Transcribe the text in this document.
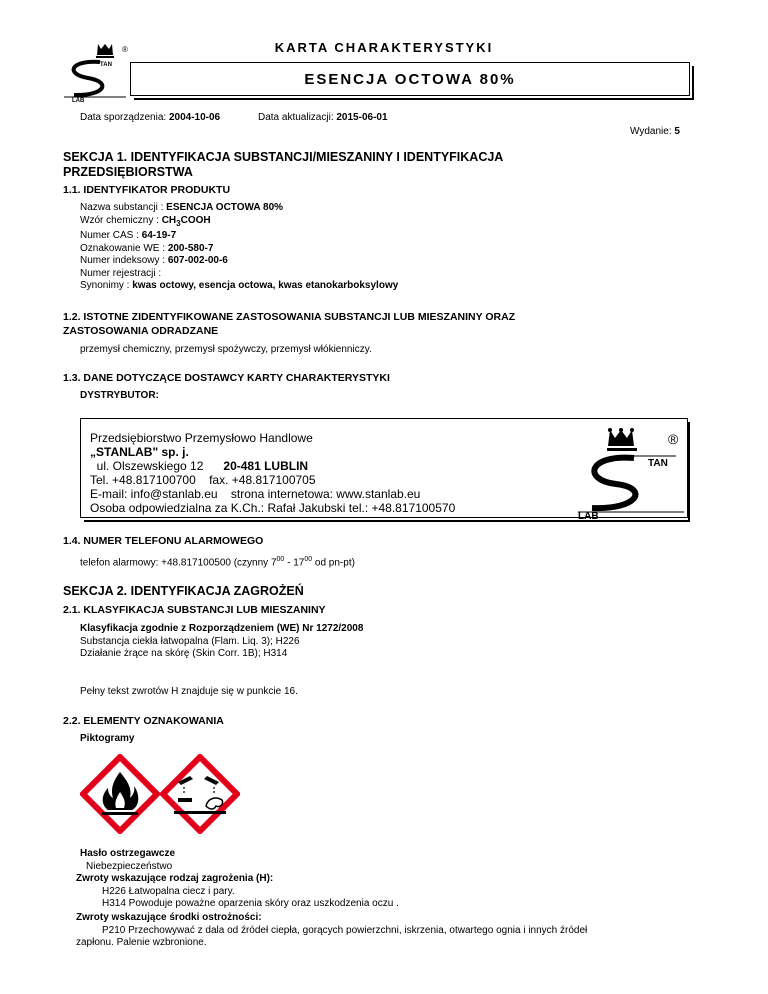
TAN
LAB
®	KARTA CHARAKTERYSTYKI
ESENCJA OCTOWA 80%
Data sporządzenia: 2004-10-06	Data aktualizacji: 2015-06-01
Wydanie: 5
SEKCJA 1. IDENTYFIKACJA SUBSTANCJI/MIESZANINY I IDENTYFIKACJA
PRZEDSIĘBIORSTWA
1.1. IDENTYFIKATOR PRODUKTU
Nazwa substancji : ESENCJA OCTOWA 80%
Wzór chemiczny : $CH_3COOH$
Numer CAS : 64-19-7
Oznakowanie WE : 200-580-7
Numer indeksowy : 607-002-00-6
Numer rejestracji :
Synonimy : kwas octowy, esencja octowa, kwas etanokarboksylowy
1.2. ISTOTNE ZIDENTYFIKOWANE ZASTOSOWANIA SUBSTANCJI LUB MIESZANINY ORAZ
ZASTOSOWANIA ODRADZANE
przemysł chemiczny, przemysł spożywczy, przemysł włókienniczy.
1.3. DANE DOTYCZĄCE DOSTAWCY KARTY CHARAKTERYSTYKI
DYSTRYBUTOR:
Przedsiębiorstwo Przemysłowo Handlowe
„STANLAB" sp. j.
ul. Olszewskiego 12 20-481 LUBLIN
Tel. +48.817100700    fax. +48.817100705
E-mail: info@stanlab.eu    strona internetowa: www.stanlab.eu
Osoba odpowiedzialna za K.Ch.: Rafał Jakubski tel.: +48.817100570
TAN
LAB
®
1.4. NUMER TELEFONU ALARMOWEGO
telefon alarmowy: +48.817100500 (czynny $7^{00} - 17^{00}$ od pn-pt)
SEKCJA 2. IDENTYFIKACJA ZAGROŻEŃ
2.1. KLASYFIKACJA SUBSTANCJI LUB MIESZANINY
Klasyfikacja zgodnie z Rozporządzeniem (WE) Nr 1272/2008
Substancja ciekła łatwopalna (Flam. Liq. 3); H226
Działanie żrące na skórę (Skin Corr. 1B); H314
Pełny tekst zwrotów H znajduje się w punkcie 16.
2.2. ELEMENTY OZNAKOWANIA
Piktogramy
Hasło ostrzegawcze
Niebezpieczeństwo
Zwroty wskazujące rodzaj zagrożenia (H):
H226 Łatwopalna ciecz i pary.
H314 Powoduje poważne oparzenia skóry oraz uszkodzenia oczu .
Zwroty wskazujące środki ostrożności:
P210 Przechowywać z dala od źródeł ciepła, gorących powierzchni, iskrzenia, otwartego ognia i innych źródeł
zapłonu. Palenie wzbronione.
